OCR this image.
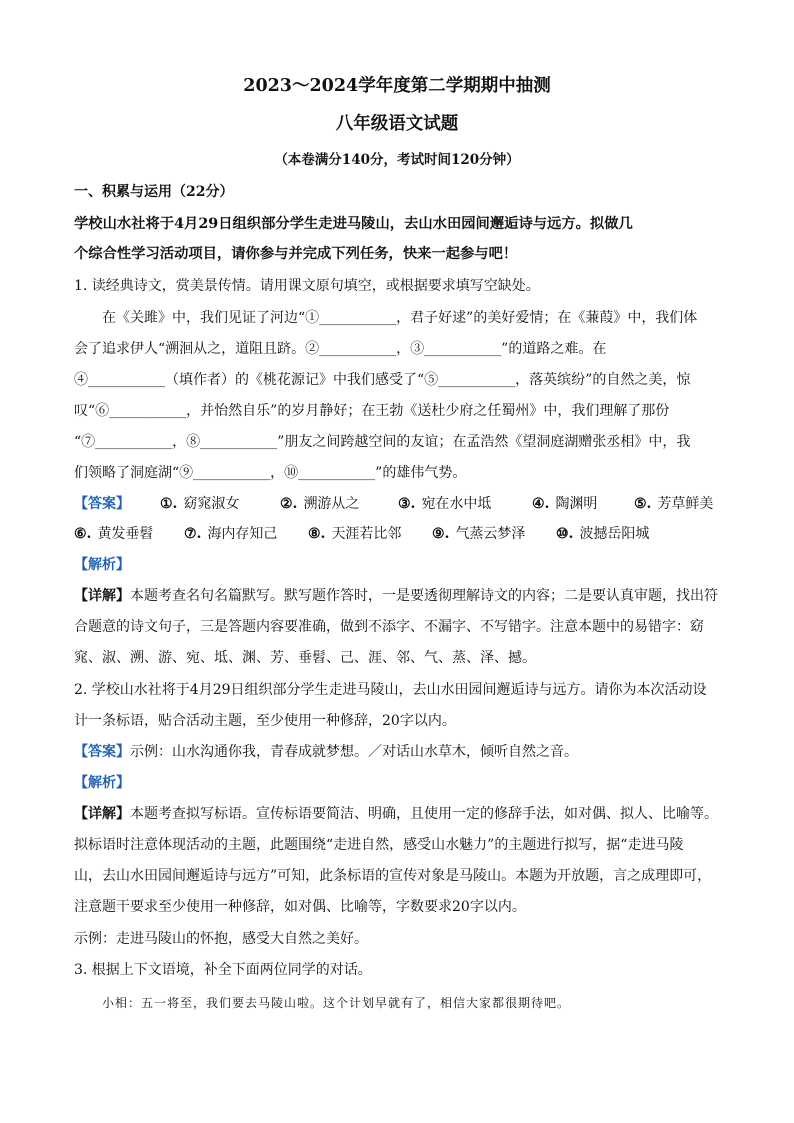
2023～2024学年度第二学期期中抽测
八年级语文试题
（本卷满分140分，考试时间120分钟）
一、积累与运用（22分）
学校山水社将于4月29日组织部分学生走进马陵山，去山水田园间邂逅诗与远方。拟做几
个综合性学习活动项目，请你参与并完成下列任务，快来一起参与吧！
1. 读经典诗文，赏美景传情。请用课文原句填空，或根据要求填写空缺处。
在《关雎》中，我们见证了河边“①___________，君子好逑”的美好爱情；在《蒹葭》中，我们体
会了追求伊人“溯洄从之，道阻且跻。②___________，③___________”的道路之难。在
④___________（填作者）的《桃花源记》中我们感受了“⑤___________，落英缤纷”的自然之美，惊
叹“⑥___________，并怡然自乐”的岁月静好；在王勃《送杜少府之任蜀州》中，我们理解了那份
“⑦___________，⑧___________”朋友之间跨越空间的友谊；在孟浩然《望洞庭湖赠张丞相》中，我
们领略了洞庭湖“⑨___________，⑩___________”的雄伟气势。
【答案】 ①. 窈窕淑女	②. 溯游从之	③. 宛在水中坻	④. 陶渊明	⑤. 芳草鲜美
⑥. 黄发垂髫 ⑦. 海内存知己 ⑧. 天涯若比邻 ⑨. 气蒸云梦泽 ⑩. 波撼岳阳城
【解析】
【详解】本题考查名句名篇默写。默写题作答时，一是要透彻理解诗文的内容；二是要认真审题，找出符
合题意的诗文句子，三是答题内容要准确，做到不添字、不漏字、不写错字。注意本题中的易错字：窈
窕、淑、溯、游、宛、坻、渊、芳、垂髫、己、涯、邻、气、蒸、泽、撼。
2. 学校山水社将于4月29日组织部分学生走进马陵山，去山水田园间邂逅诗与远方。请你为本次活动设
计一条标语，贴合活动主题，至少使用一种修辞，20字以内。
【答案】示例：山水沟通你我，青春成就梦想。／对话山水草木，倾听自然之音。
【解析】
【详解】本题考查拟写标语。宣传标语要简洁、明确，且使用一定的修辞手法，如对偶、拟人、比喻等。
拟标语时注意体现活动的主题，此题围绕“走进自然，感受山水魅力”的主题进行拟写，据“走进马陵
山，去山水田园间邂逅诗与远方”可知，此条标语的宣传对象是马陵山。本题为开放题，言之成理即可，
注意题干要求至少使用一种修辞，如对偶、比喻等，字数要求20字以内。
示例：走进马陵山的怀抱，感受大自然之美好。
3. 根据上下文语境，补全下面两位同学的对话。
小相：五一将至，我们要去马陵山啦。这个计划早就有了，相信大家都很期待吧。
